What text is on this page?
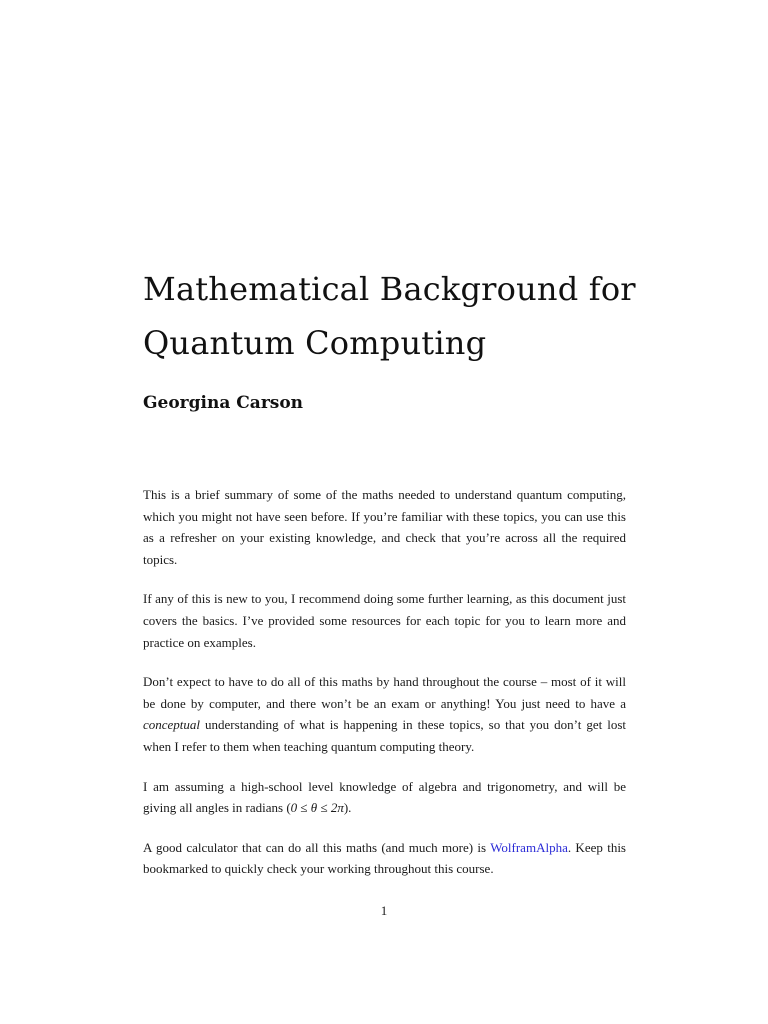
Mathematical Background for
Quantum Computing
Georgina Carson

This is a brief summary of some of the maths needed to understand quantum computing, which you might not have seen before. If you’re familiar with these topics, you can use this as a refresher on your existing knowledge, and check that you’re across all the required topics.

If any of this is new to you, I recommend doing some further learning, as this document just covers the basics. I’ve provided some resources for each topic for you to learn more and practice on examples.

Don’t expect to have to do all of this maths by hand throughout the course – most of it will be done by computer, and there won’t be an exam or anything! You just need to have a conceptual understanding of what is happening in these topics, so that you don’t get lost when I refer to them when teaching quantum computing theory.

I am assuming a high-school level knowledge of algebra and trigonometry, and will be giving all angles in radians (0 ≤ θ ≤ 2π).

A good calculator that can do all this maths (and much more) is WolframAlpha. Keep this bookmarked to quickly check your working throughout this course.

1
